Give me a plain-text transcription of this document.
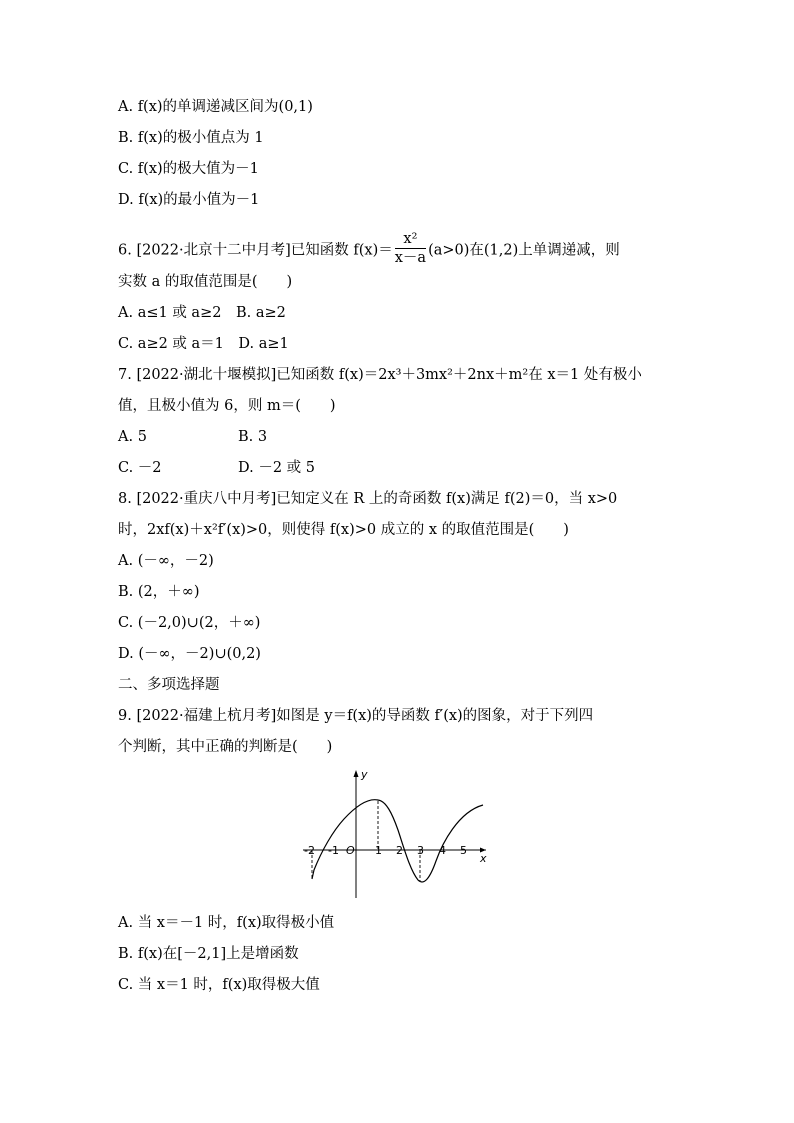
A. f(x)的单调递减区间为(0,1)
B. f(x)的极小值点为 1
C. f(x)的极大值为－1
D. f(x)的最小值为－1
6. [2022·北京十二中月考]已知函数 $f(x)= \frac{\text{x²}}{x-a} (a>0)$在(1,2)上单调递减，则
实数 a 的取值范围是(　　)
A. a≤1 或 a≥2　B. a≥2
C. a≥2 或 a＝1　D. a≥1
7. [2022·湖北十堰模拟]已知函数 f(x)＝2x³＋3mx²＋2nx＋m²在 x＝1 处有极小
值，且极小值为 6，则 m＝(　　)
A. 5	B. 3
C. －2	D. －2 或 5
8. [2022·重庆八中月考]已知定义在 R 上的奇函数 f(x)满足 f(2)＝0，当 x>0
时，2xf(x)＋x²f′(x)>0，则使得 f(x)>0 成立的 x 的取值范围是(　　)
A. (－∞，－2)
B. (2，＋∞)
C. (－2,0)∪(2，＋∞)
D. (－∞，－2)∪(0,2)
二、多项选择题
9. [2022·福建上杭月考]如图是 y＝f(x)的导函数 f′(x)的图象，对于下列四
个判断，其中正确的判断是(　　)
y
x
O
-2 -1	1 2 3 4 5
A. 当 x＝－1 时，f(x)取得极小值
B. f(x)在[－2,1]上是增函数
C. 当 x＝1 时，f(x)取得极大值
